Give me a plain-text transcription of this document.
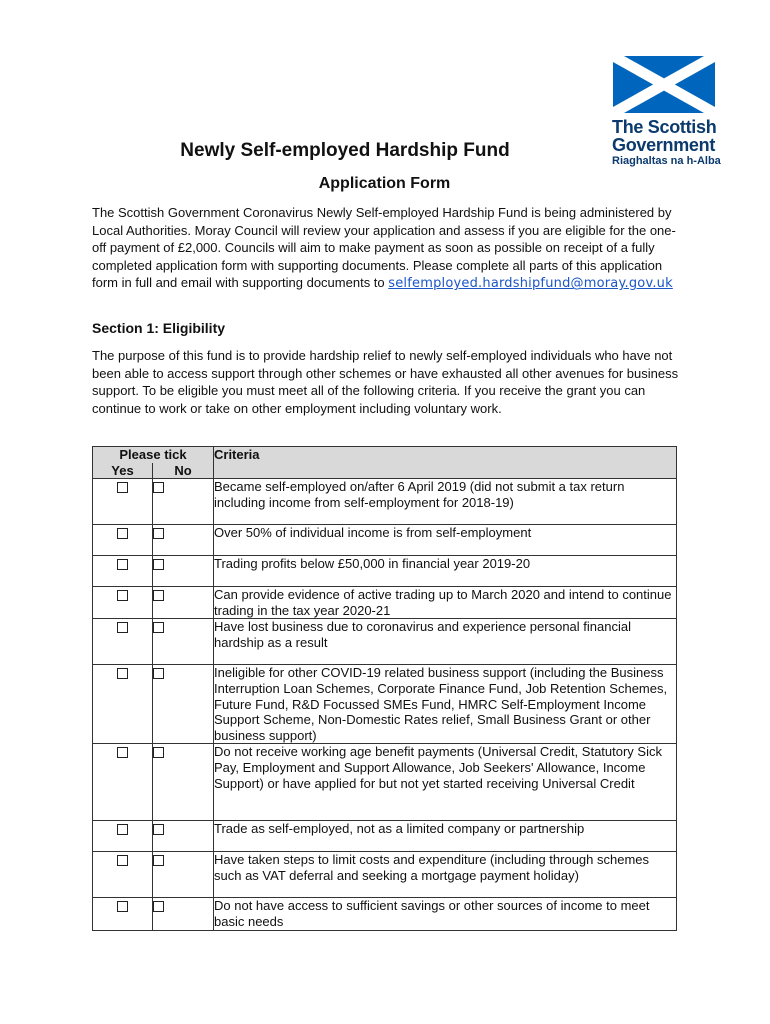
The Scottish
Government
Riaghaltas na h-Alba
Newly Self-employed Hardship Fund
Application Form
The Scottish Government Coronavirus Newly Self-employed Hardship Fund is being administered by Local Authorities. Moray Council will review your application and assess if you are eligible for the one-off payment of £2,000. Councils will aim to make payment as soon as possible on receipt of a fully completed application form with supporting documents. Please complete all parts of this application form in full and email with supporting documents to selfemployed.hardshipfund@moray.gov.uk
Section 1: Eligibility
The purpose of this fund is to provide hardship relief to newly self-employed individuals who have not been able to access support through other schemes or have exhausted all other avenues for business support. To be eligible you must meet all of the following criteria. If you receive the grant you can continue to work or take on other employment including voluntary work.
Please tick		Criteria
Yes	No	
		Became self-employed on/after 6 April 2019 (did not submit a tax return including income from self-employment for 2018-19)
		Over 50% of individual income is from self-employment
		Trading profits below £50,000 in financial year 2019-20
		Can provide evidence of active trading up to March 2020 and intend to continue trading in the tax year 2020-21
		Have lost business due to coronavirus and experience personal financial hardship as a result
		Ineligible for other COVID-19 related business support (including the Business Interruption Loan Schemes, Corporate Finance Fund, Job Retention Schemes, Future Fund, R&D Focussed SMEs Fund, HMRC Self-Employment Income Support Scheme, Non-Domestic Rates relief, Small Business Grant or other business support)
		Do not receive working age benefit payments (Universal Credit, Statutory Sick Pay, Employment and Support Allowance, Job Seekers' Allowance, Income Support) or have applied for but not yet started receiving Universal Credit
		Trade as self-employed, not as a limited company or partnership
		Have taken steps to limit costs and expenditure (including through schemes such as VAT deferral and seeking a mortgage payment holiday)
		Do not have access to sufficient savings or other sources of income to meet basic needs
